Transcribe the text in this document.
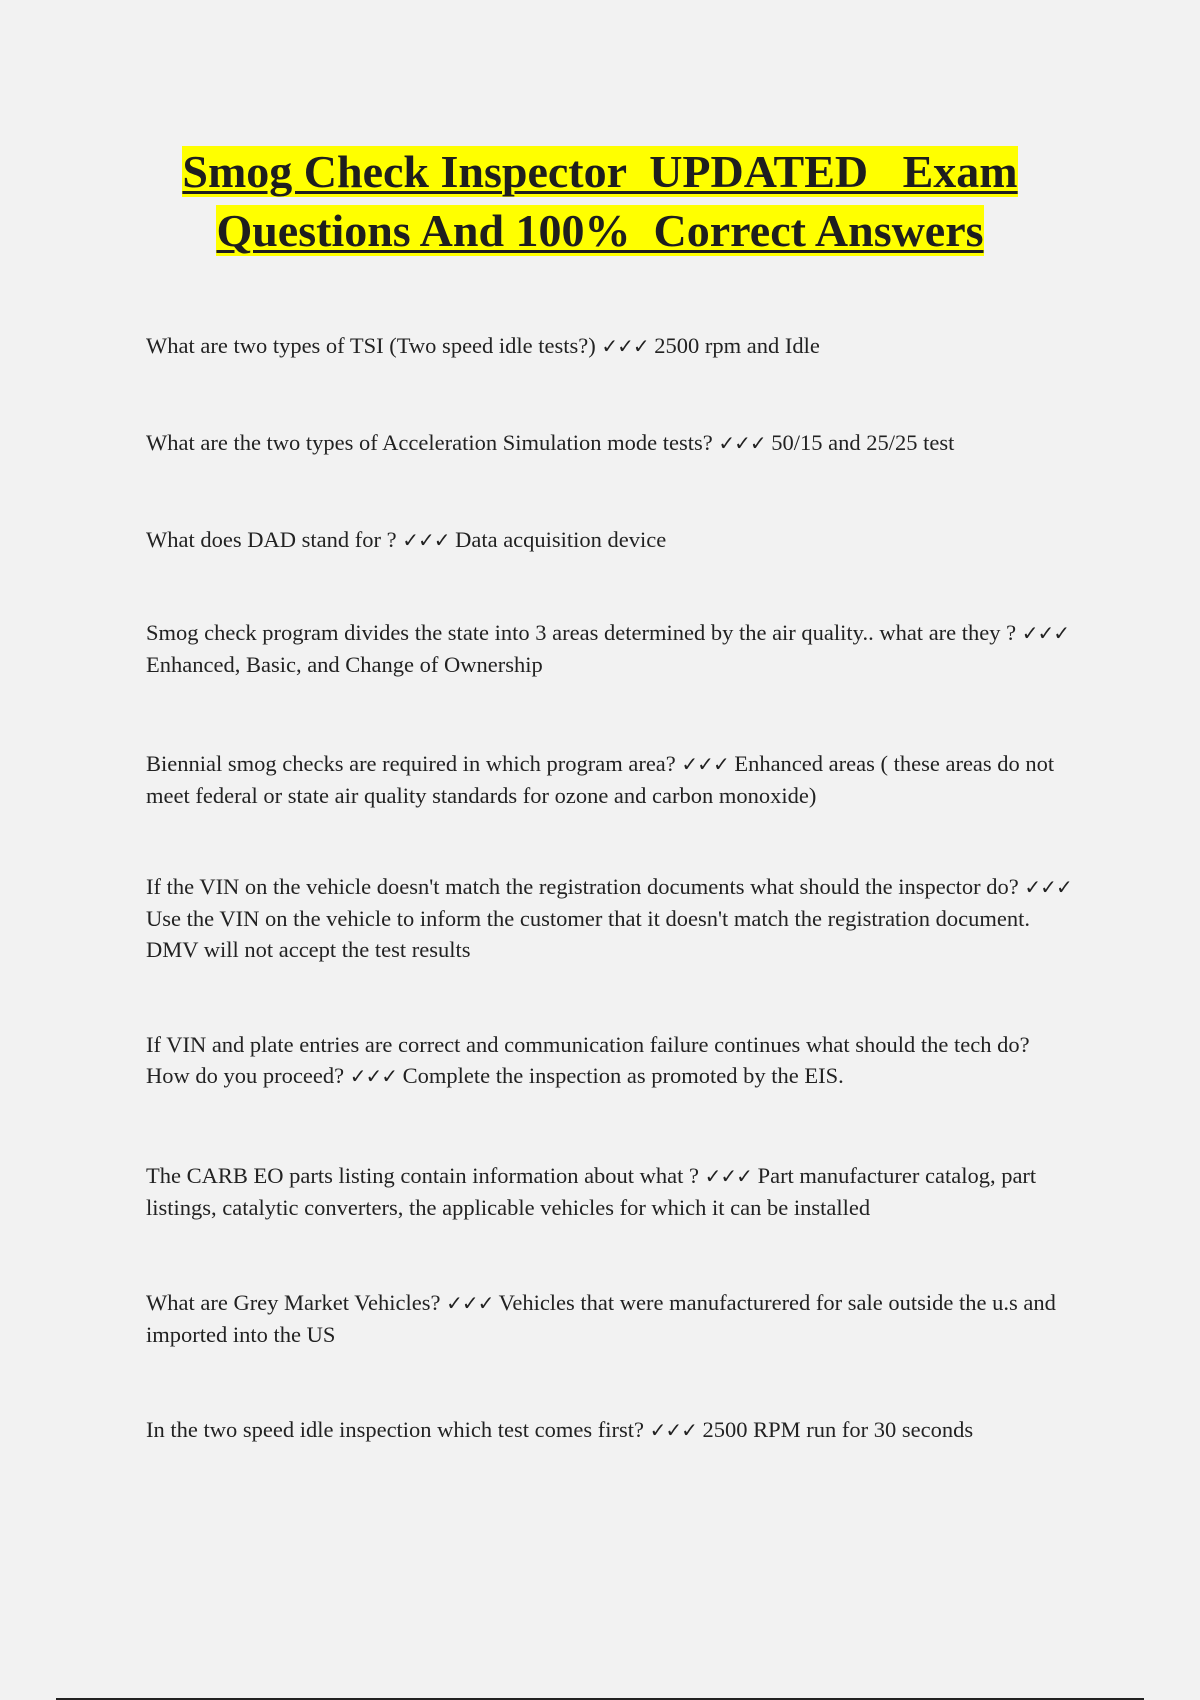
Smog Check Inspector  UPDATED   Exam
Questions And 100%  Correct Answers
What are two types of TSI (Two speed idle tests?) ✓✓✓ 2500 rpm and Idle
What are the two types of Acceleration Simulation mode tests? ✓✓✓ 50/15 and 25/25 test
What does DAD stand for ? ✓✓✓ Data acquisition device
Smog check program divides the state into 3 areas determined by the air quality.. what are they ? ✓✓✓ Enhanced, Basic, and Change of Ownership
Biennial smog checks are required in which program area? ✓✓✓ Enhanced areas ( these areas do not meet federal or state air quality standards for ozone and carbon monoxide)
If the VIN on the vehicle doesn't match the registration documents what should the inspector do? ✓✓✓ Use the VIN on the vehicle to inform the customer that it doesn't match the registration document. DMV will not accept the test results
If VIN and plate entries are correct and communication failure continues what should the tech do? How do you proceed? ✓✓✓ Complete the inspection as promoted by the EIS.
The CARB EO parts listing contain information about what ? ✓✓✓ Part manufacturer catalog, part listings, catalytic converters, the applicable vehicles for which it can be installed
What are Grey Market Vehicles? ✓✓✓ Vehicles that were manufacturered for sale outside the u.s and imported into the US
In the two speed idle inspection which test comes first? ✓✓✓ 2500 RPM run for 30 seconds
